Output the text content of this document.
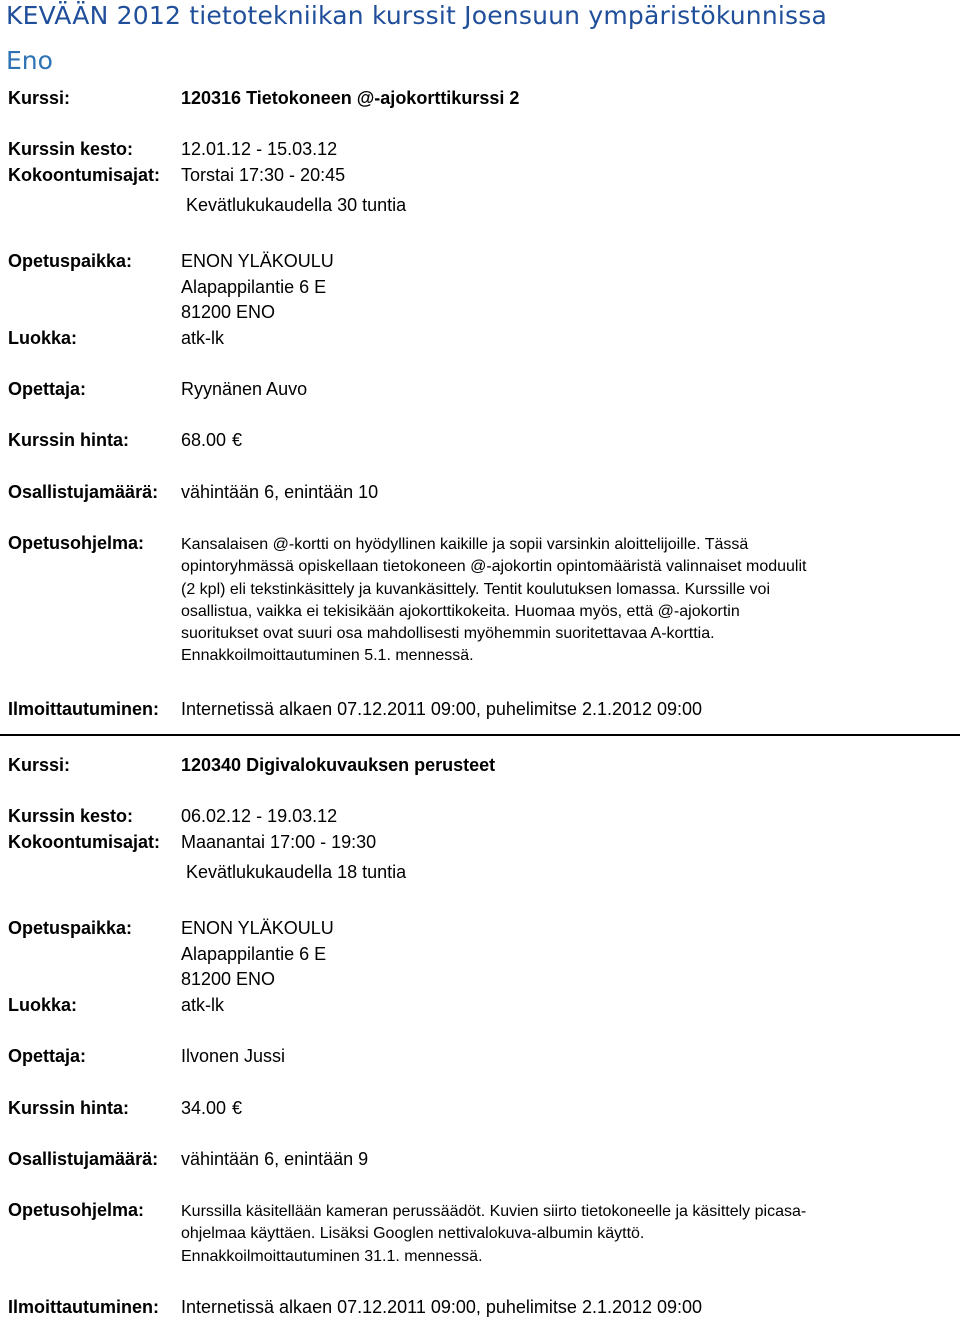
KEVÄÄN 2012 tietotekniikan kurssit Joensuun ympäristökunnissa
Eno
Kurssi:	120316 Tietokoneen @-ajokorttikurssi 2
Kurssin kesto:	12.01.12 - 15.03.12
Kokoontumisajat: Torstai 17:30 - 20:45
Kevätlukukaudella 30 tuntia
Opetuspaikka:	ENON YLÄKOULU
Alapappilantie 6 E
81200 ENO
Luokka:	atk-lk
Opettaja:	Ryynänen Auvo
Kurssin hinta:	68.00 €
Osallistujamäärä: vähintään 6, enintään 10
Opetusohjelma: Kansalaisen @-kortti on hyödyllinen kaikille ja sopii varsinkin aloittelijoille. Tässä

opintoryhmässä opiskellaan tietokoneen @-ajokortin opintomääristä valinnaiset moduulit

(2 kpl) eli tekstinkäsittely ja kuvankäsittely. Tentit koulutuksen lomassa. Kurssille voi

osallistua, vaikka ei tekisikään ajokorttikokeita. Huomaa myös, että @-ajokortin

suoritukset ovat suuri osa mahdollisesti myöhemmin suoritettavaa A-korttia.

Ennakkoilmoittautuminen 5.1. mennessä.

Ilmoittautuminen: Internetissä alkaen 07.12.2011 09:00, puhelimitse 2.1.2012 09:00
Kurssi:	120340 Digivalokuvauksen perusteet
Kurssin kesto:	06.02.12 - 19.03.12
Kokoontumisajat: Maanantai 17:00 - 19:30
Kevätlukukaudella 18 tuntia
Opetuspaikka:	ENON YLÄKOULU
Alapappilantie 6 E
81200 ENO
Luokka:	atk-lk
Opettaja:	Ilvonen Jussi
Kurssin hinta:	34.00 €
Osallistujamäärä: vähintään 6, enintään 9
Opetusohjelma: Kurssilla käsitellään kameran perussäädöt. Kuvien siirto tietokoneelle ja käsittely picasa-

ohjelmaa käyttäen. Lisäksi Googlen nettivalokuva-albumin käyttö.

Ennakkoilmoittautuminen 31.1. mennessä.

Ilmoittautuminen: Internetissä alkaen 07.12.2011 09:00, puhelimitse 2.1.2012 09:00
